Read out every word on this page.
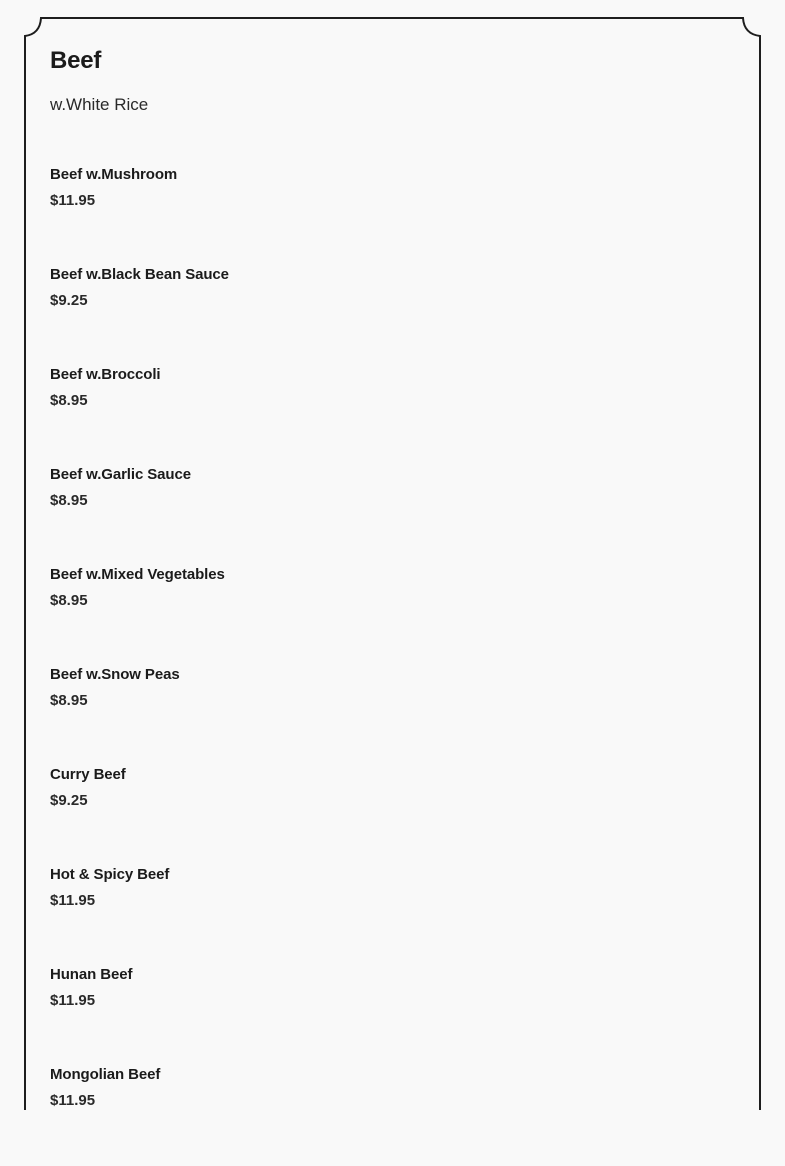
Beef

w.White Rice

Beef w.Mushroom
$11.95
Beef w.Black Bean Sauce
$9.25
Beef w.Broccoli
$8.95
Beef w.Garlic Sauce
$8.95
Beef w.Mixed Vegetables
$8.95
Beef w.Snow Peas
$8.95
Curry Beef
$9.25
Hot & Spicy Beef
$11.95
Hunan Beef
$11.95
Mongolian Beef
$11.95
